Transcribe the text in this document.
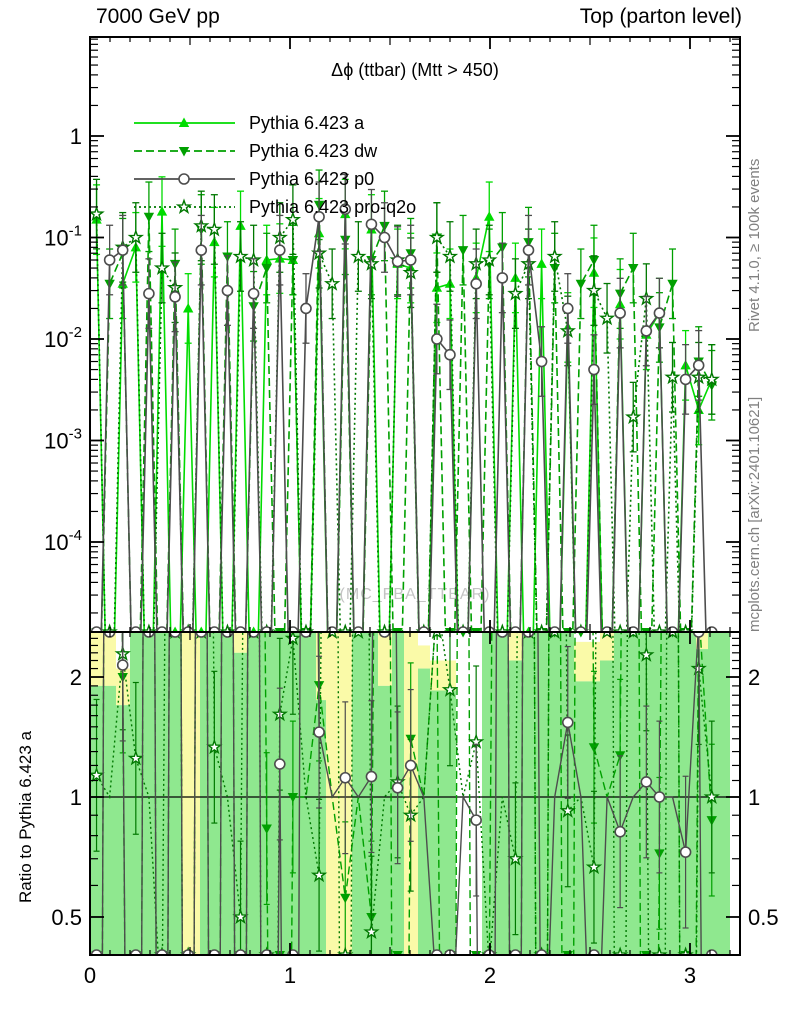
(MC_FBA_TTBAR)
1
$10^{-1}$
$10^{-2}$
$10^{-3}$
$10^{-4}$
2	2
1	1
0.5	0.5
0	1	2	3
7000 GeV pp	Top (parton level)
Δϕ (ttbar) (Mtt > 450)
Pythia 6.423 a
Pythia 6.423 dw
Pythia 6.423 p0
Pythia 6.423 pro-q2o	Rivet 4.1.0, ≥ 100k events
mcplots.cern.ch [arXiv:2401.10621]
Ratio to Pythia 6.423 a
